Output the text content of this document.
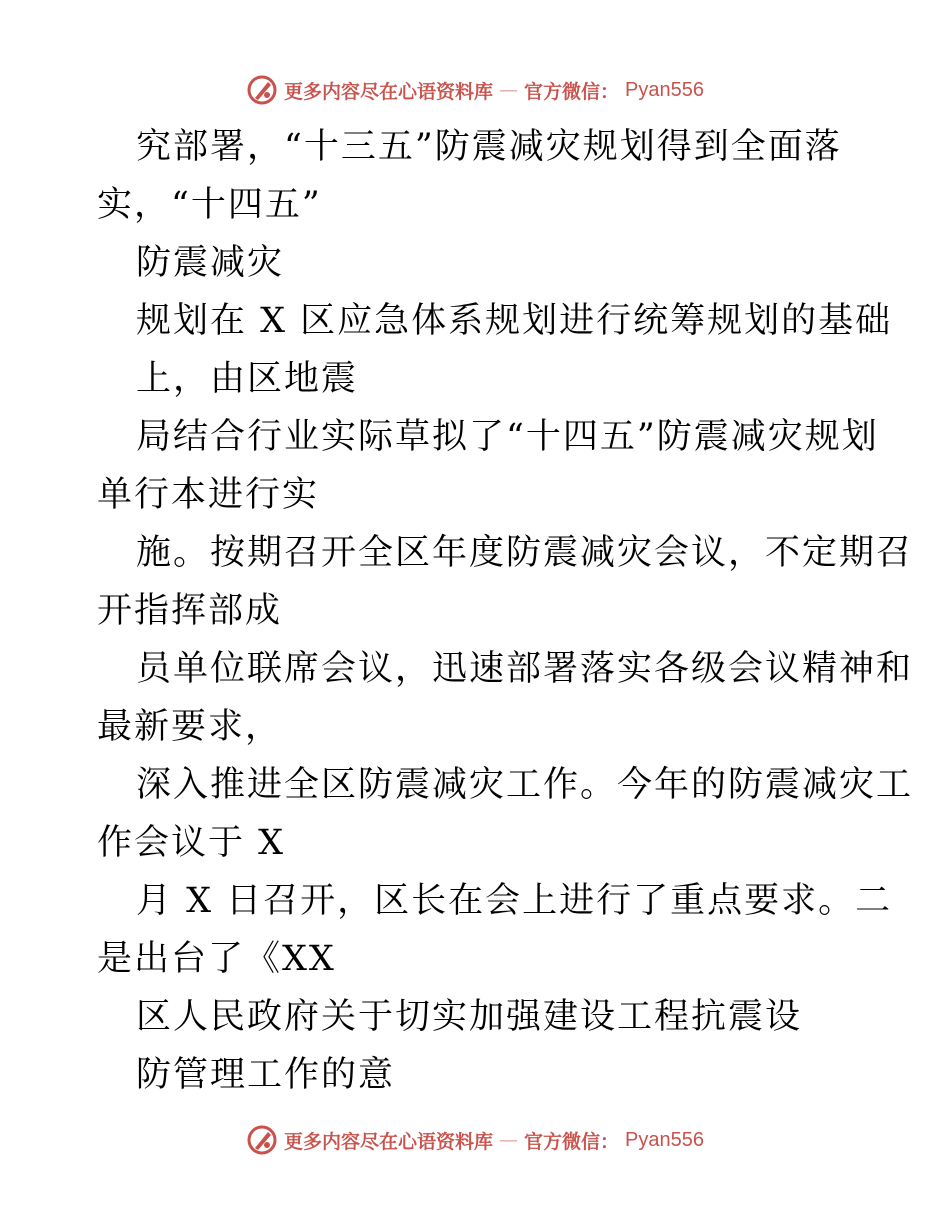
更多内容尽在心语资料库 — 官方微信： Pyan556
究部署，“十三五”防震减灾规划得到全面落
实，“十四五”
防震减灾
规划在 X 区应急体系规划进行统筹规划的基础
上，由区地震
局结合行业实际草拟了“十四五”防震减灾规划
单行本进行实
施。按期召开全区年度防震减灾会议，不定期召
开指挥部成
员单位联席会议，迅速部署落实各级会议精神和
最新要求，
深入推进全区防震减灾工作。今年的防震减灾工
作会议于 X
月 X 日召开，区长在会上进行了重点要求。二
是出台了《XX
区人民政府关于切实加强建设工程抗震设
防管理工作的意
更多内容尽在心语资料库 — 官方微信： Pyan556
